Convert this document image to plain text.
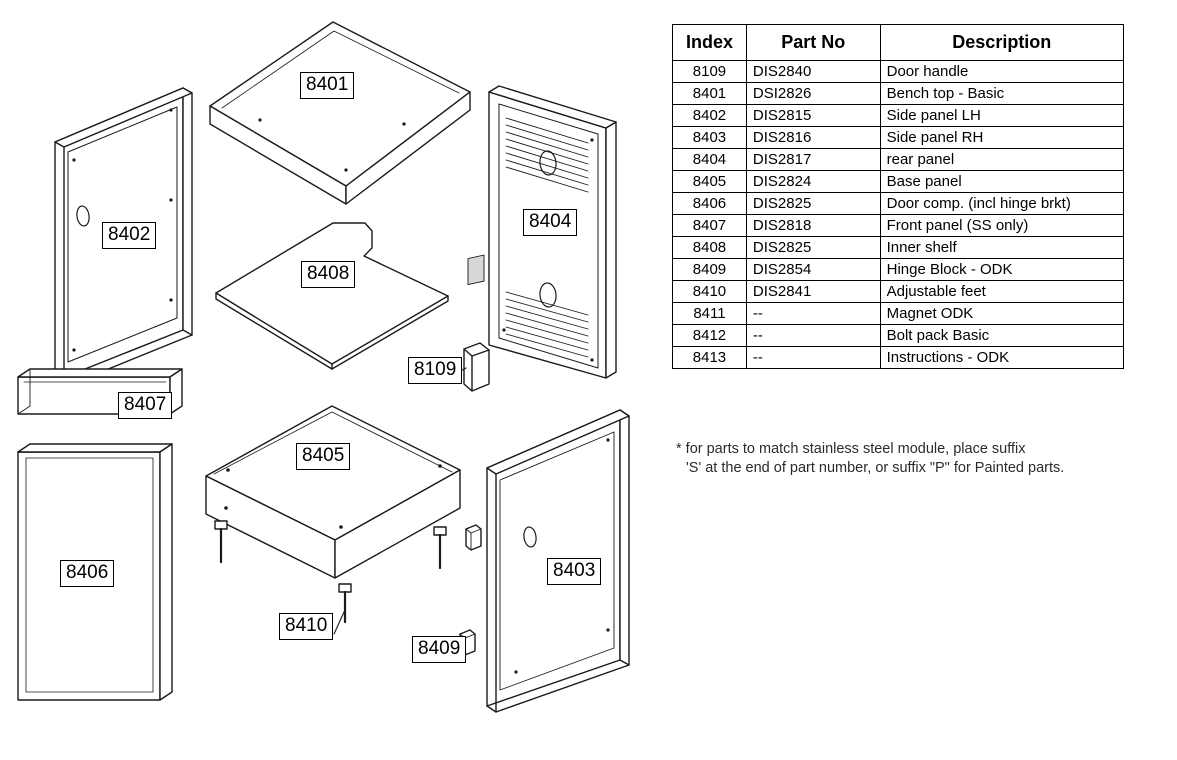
8401
8402
8404
8408
8109
8407
8405
8406	8403
8410
8409
Index	Part No	Description
8109	DIS2840	Door handle
8401	DSI2826	Bench top - Basic
8402	DIS2815	Side panel LH
8403	DIS2816	Side panel RH
8404	DIS2817	rear panel
8405	DIS2824	Base panel
8406	DIS2825	Door comp. (incl hinge brkt)
8407	DIS2818	Front panel (SS only)
8408	DIS2825	Inner shelf
8409	DIS2854	Hinge Block - ODK
8410	DIS2841	Adjustable feet
8411	--	Magnet ODK
8412	--	Bolt pack Basic
8413	--	Instructions - ODK
* for parts to match stainless steel module, place suffix
'S' at the end of part number, or suffix "P" for Painted parts.
